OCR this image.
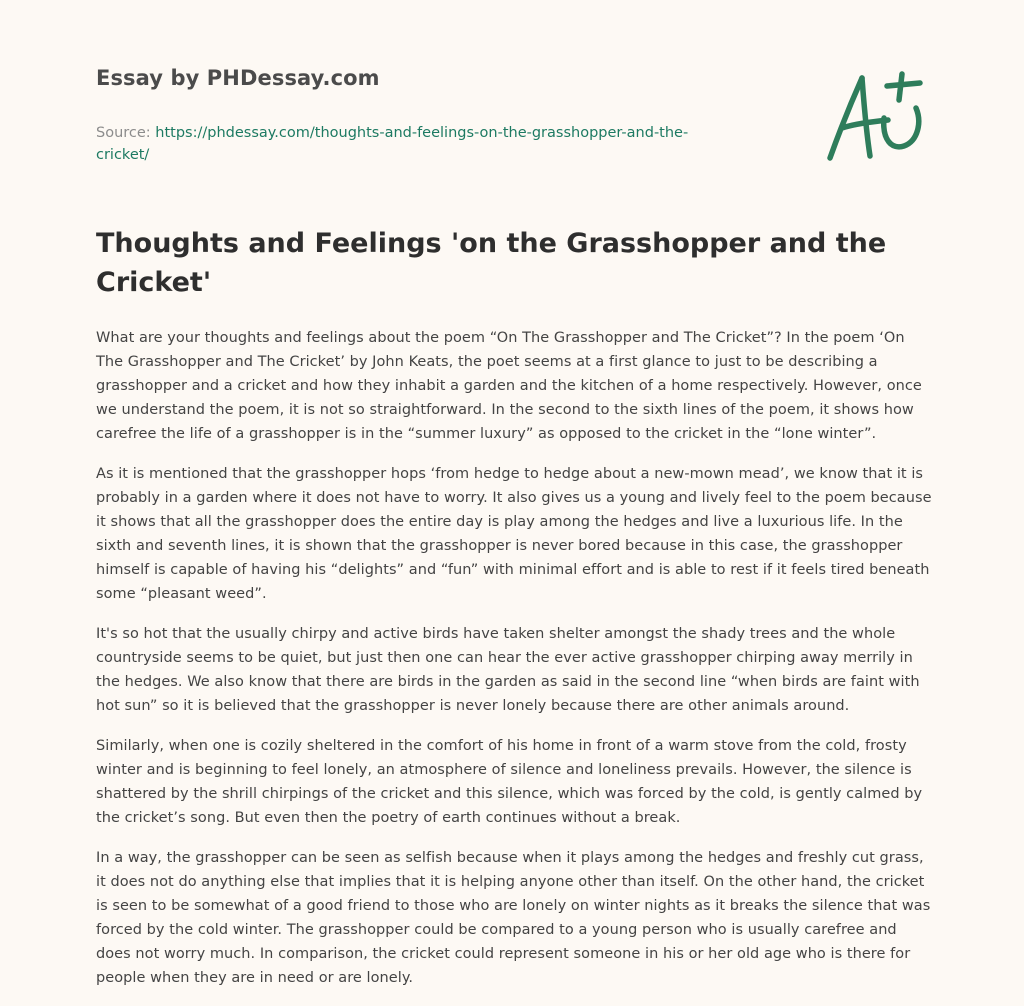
Essay by PHDessay.com
Source: https://phdessay.com/thoughts-and-feelings-on-the-grasshopper-and-the-cricket/
Thoughts and Feelings 'on the Grasshopper and the Cricket'

What are your thoughts and feelings about the poem “On The Grasshopper and The Cricket”? In the poem ‘On The Grasshopper and The Cricket’ by John Keats, the poet seems at a first glance to just to be describing a grasshopper and a cricket and how they inhabit a garden and the kitchen of a home respectively. However, once we understand the poem, it is not so straightforward. In the second to the sixth lines of the poem, it shows how carefree the life of a grasshopper is in the “summer luxury” as opposed to the cricket in the “lone winter”.

As it is mentioned that the grasshopper hops ‘from hedge to hedge about a new-mown mead’, we know that it is probably in a garden where it does not have to worry. It also gives us a young and lively feel to the poem because it shows that all the grasshopper does the entire day is play among the hedges and live a luxurious life. In the sixth and seventh lines, it is shown that the grasshopper is never bored because in this case, the grasshopper himself is capable of having his “delights” and “fun” with minimal effort and is able to rest if it feels tired beneath some “pleasant weed”.

It's so hot that the usually chirpy and active birds have taken shelter amongst the shady trees and the whole countryside seems to be quiet, but just then one can hear the ever active grasshopper chirping away merrily in the hedges. We also know that there are birds in the garden as said in the second line “when birds are faint with hot sun” so it is believed that the grasshopper is never lonely because there are other animals around.

Similarly, when one is cozily sheltered in the comfort of his home in front of a warm stove from the cold, frosty winter and is beginning to feel lonely, an atmosphere of silence and loneliness prevails. However, the silence is shattered by the shrill chirpings of the cricket and this silence, which was forced by the cold, is gently calmed by the cricket’s song. But even then the poetry of earth continues without a break.

In a way, the grasshopper can be seen as selfish because when it plays among the hedges and freshly cut grass, it does not do anything else that implies that it is helping anyone other than itself. On the other hand, the cricket is seen to be somewhat of a good friend to those who are lonely on winter nights as it breaks the silence that was forced by the cold winter. The grasshopper could be compared to a young person who is usually carefree and does not worry much. In comparison, the cricket could represent someone in his or her old age who is there for people when they are in need or are lonely.
